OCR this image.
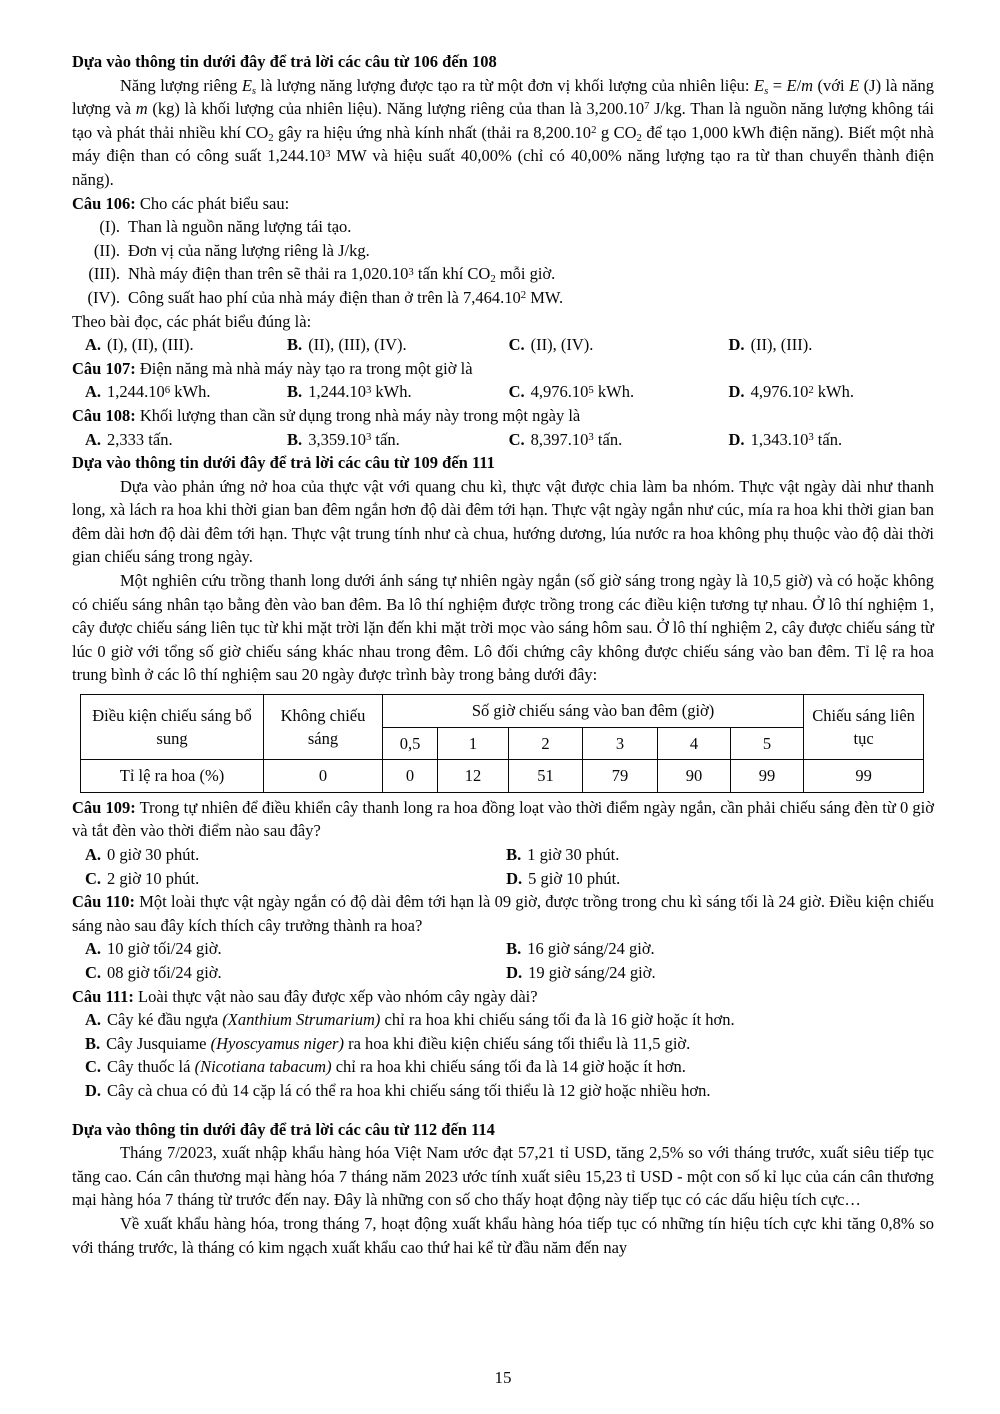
Dựa vào thông tin dưới đây để trả lời các câu từ 106 đến 108

Năng lượng riêng $E_s$ là lượng năng lượng được tạo ra từ một đơn vị khối lượng của nhiên liệu: $E_s = E/m$ (với E (J) là năng lượng và m (kg) là khối lượng của nhiên liệu). Năng lượng riêng của than là 3,200.10$^7$ J/kg. Than là nguồn năng lượng không tái tạo và phát thải nhiều khí $CO_2$ gây ra hiệu ứng nhà kính nhất (thải ra 8,200.10$^2$ g $CO_2$ để tạo 1,000 kWh điện năng). Biết một nhà máy điện than có công suất 1,244.10$^3$ MW và hiệu suất 40,00% (chỉ có 40,00% năng lượng tạo ra từ than chuyển thành điện năng).

Câu 106: Cho các phát biểu sau:

(I). Than là nguồn năng lượng tái tạo.
(II). Đơn vị của năng lượng riêng là J/kg.
(III). Nhà máy điện than trên sẽ thải ra 1,020.10$^3$ tấn khí $CO_2$ mỗi giờ.
(IV). Công suất hao phí của nhà máy điện than ở trên là 7,464.10$^2$ MW.

Theo bài đọc, các phát biểu đúng là:

A. (I), (II), (III).	B. (II), (III), (IV).	C. (II), (IV).	D. (II), (III).

Câu 107: Điện năng mà nhà máy này tạo ra trong một giờ là

A. 1,244.10$^6$ kWh.	B. 1,244.10$^3$ kWh.	C. 4,976.10$^5$ kWh.	D. 4,976.10$^2$ kWh.

Câu 108: Khối lượng than cần sử dụng trong nhà máy này trong một ngày là

A. 2,333 tấn.	B. 3,359.10$^3$ tấn.	C. 8,397.10$^3$ tấn.	D. 1,343.10$^3$ tấn.
Dựa vào thông tin dưới đây để trả lời các câu từ 109 đến 111

Dựa vào phản ứng nở hoa của thực vật với quang chu kì, thực vật được chia làm ba nhóm. Thực vật ngày dài như thanh long, xà lách ra hoa khi thời gian ban đêm ngắn hơn độ dài đêm tới hạn. Thực vật ngày ngắn như cúc, mía ra hoa khi thời gian ban đêm dài hơn độ dài đêm tới hạn. Thực vật trung tính như cà chua, hướng dương, lúa nước ra hoa không phụ thuộc vào độ dài thời gian chiếu sáng trong ngày.

Một nghiên cứu trồng thanh long dưới ánh sáng tự nhiên ngày ngắn (số giờ sáng trong ngày là 10,5 giờ) và có hoặc không có chiếu sáng nhân tạo bằng đèn vào ban đêm. Ba lô thí nghiệm được trồng trong các điều kiện tương tự nhau. Ở lô thí nghiệm 1, cây được chiếu sáng liên tục từ khi mặt trời lặn đến khi mặt trời mọc vào sáng hôm sau. Ở lô thí nghiệm 2, cây được chiếu sáng từ lúc 0 giờ với tổng số giờ chiếu sáng khác nhau trong đêm. Lô đối chứng cây không được chiếu sáng vào ban đêm. Tỉ lệ ra hoa trung bình ở các lô thí nghiệm sau 20 ngày được trình bày trong bảng dưới đây:

Điều kiện chiếu sáng bổ sung	Không chiếu sáng	Số giờ chiếu sáng vào ban đêm (giờ)						Chiếu sáng liên tục
		0,5	1	2	3	4	5	
Tỉ lệ ra hoa (%)	0	0	12	51	79	90	99	99

Câu 109: Trong tự nhiên để điều khiển cây thanh long ra hoa đồng loạt vào thời điểm ngày ngắn, cần phải chiếu sáng đèn từ 0 giờ và tắt đèn vào thời điểm nào sau đây?

A. 0 giờ 30 phút.	B. 1 giờ 30 phút.
C. 2 giờ 10 phút.	D. 5 giờ 10 phút.

Câu 110: Một loài thực vật ngày ngắn có độ dài đêm tới hạn là 09 giờ, được trồng trong chu kì sáng tối là 24 giờ. Điều kiện chiếu sáng nào sau đây kích thích cây trưởng thành ra hoa?

A. 10 giờ tối/24 giờ.	B. 16 giờ sáng/24 giờ.
C. 08 giờ tối/24 giờ.	D. 19 giờ sáng/24 giờ.

Câu 111: Loài thực vật nào sau đây được xếp vào nhóm cây ngày dài?

A. Cây ké đầu ngựa (Xanthium Strumarium) chỉ ra hoa khi chiếu sáng tối đa là 16 giờ hoặc ít hơn.
B. Cây Jusquiame (Hyoscyamus niger) ra hoa khi điều kiện chiếu sáng tối thiểu là 11,5 giờ.
C. Cây thuốc lá (Nicotiana tabacum) chỉ ra hoa khi chiếu sáng tối đa là 14 giờ hoặc ít hơn.
D. Cây cà chua có đủ 14 cặp lá có thể ra hoa khi chiếu sáng tối thiểu là 12 giờ hoặc nhiều hơn.
Dựa vào thông tin dưới đây để trả lời các câu từ 112 đến 114

Tháng 7/2023, xuất nhập khẩu hàng hóa Việt Nam ước đạt 57,21 tỉ USD, tăng 2,5% so với tháng trước, xuất siêu tiếp tục tăng cao. Cán cân thương mại hàng hóa 7 tháng năm 2023 ước tính xuất siêu 15,23 tỉ USD - một con số kỉ lục của cán cân thương mại hàng hóa 7 tháng từ trước đến nay. Đây là những con số cho thấy hoạt động này tiếp tục có các dấu hiệu tích cực…

Về xuất khẩu hàng hóa, trong tháng 7, hoạt động xuất khẩu hàng hóa tiếp tục có những tín hiệu tích cực khi tăng 0,8% so với tháng trước, là tháng có kim ngạch xuất khẩu cao thứ hai kể từ đầu năm đến nay

15
